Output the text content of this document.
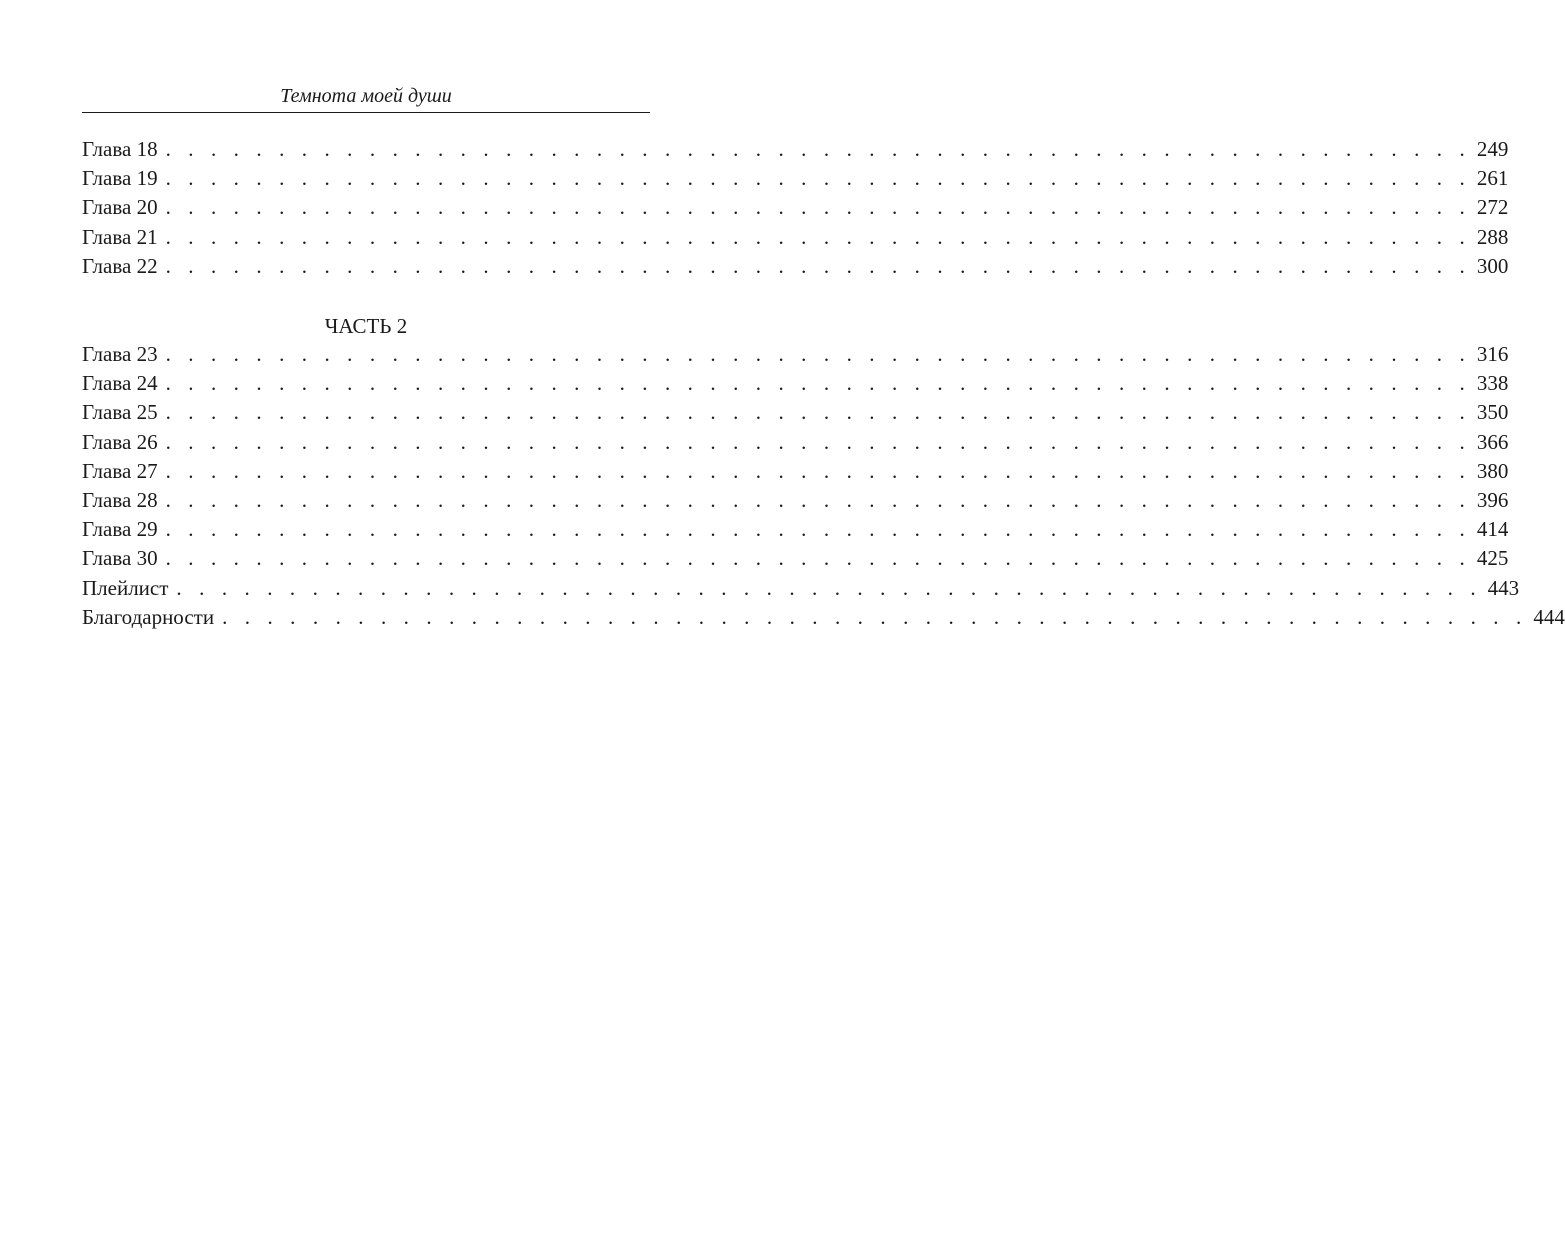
Темнота моей души
Глава 18 . . . . . . . . . . . . . . . . . . . . . . . . . . . . . . . . . . . . . . . . . . . . . . . . . . . . . . . . . . 249
Глава 19 . . . . . . . . . . . . . . . . . . . . . . . . . . . . . . . . . . . . . . . . . . . . . . . . . . . . . . . . . . 261
Глава 20 . . . . . . . . . . . . . . . . . . . . . . . . . . . . . . . . . . . . . . . . . . . . . . . . . . . . . . . . . . 272
Глава 21 . . . . . . . . . . . . . . . . . . . . . . . . . . . . . . . . . . . . . . . . . . . . . . . . . . . . . . . . . . 288
Глава 22 . . . . . . . . . . . . . . . . . . . . . . . . . . . . . . . . . . . . . . . . . . . . . . . . . . . . . . . . . . 300
ЧАСТЬ 2
Глава 23 . . . . . . . . . . . . . . . . . . . . . . . . . . . . . . . . . . . . . . . . . . . . . . . . . . . . . . . . . . 316
Глава 24 . . . . . . . . . . . . . . . . . . . . . . . . . . . . . . . . . . . . . . . . . . . . . . . . . . . . . . . . . . 338
Глава 25 . . . . . . . . . . . . . . . . . . . . . . . . . . . . . . . . . . . . . . . . . . . . . . . . . . . . . . . . . . 350
Глава 26 . . . . . . . . . . . . . . . . . . . . . . . . . . . . . . . . . . . . . . . . . . . . . . . . . . . . . . . . . . 366
Глава 27 . . . . . . . . . . . . . . . . . . . . . . . . . . . . . . . . . . . . . . . . . . . . . . . . . . . . . . . . . . 380
Глава 28 . . . . . . . . . . . . . . . . . . . . . . . . . . . . . . . . . . . . . . . . . . . . . . . . . . . . . . . . . . 396
Глава 29 . . . . . . . . . . . . . . . . . . . . . . . . . . . . . . . . . . . . . . . . . . . . . . . . . . . . . . . . . . 414
Глава 30 . . . . . . . . . . . . . . . . . . . . . . . . . . . . . . . . . . . . . . . . . . . . . . . . . . . . . . . . . . 425
Плейлист . . . . . . . . . . . . . . . . . . . . . . . . . . . . . . . . . . . . . . . . . . . . . . . . . . . . . . . . . . 443
Благодарности . . . . . . . . . . . . . . . . . . . . . . . . . . . . . . . . . . . . . . . . . . . . . . . . . . . . . . . . . . 444
